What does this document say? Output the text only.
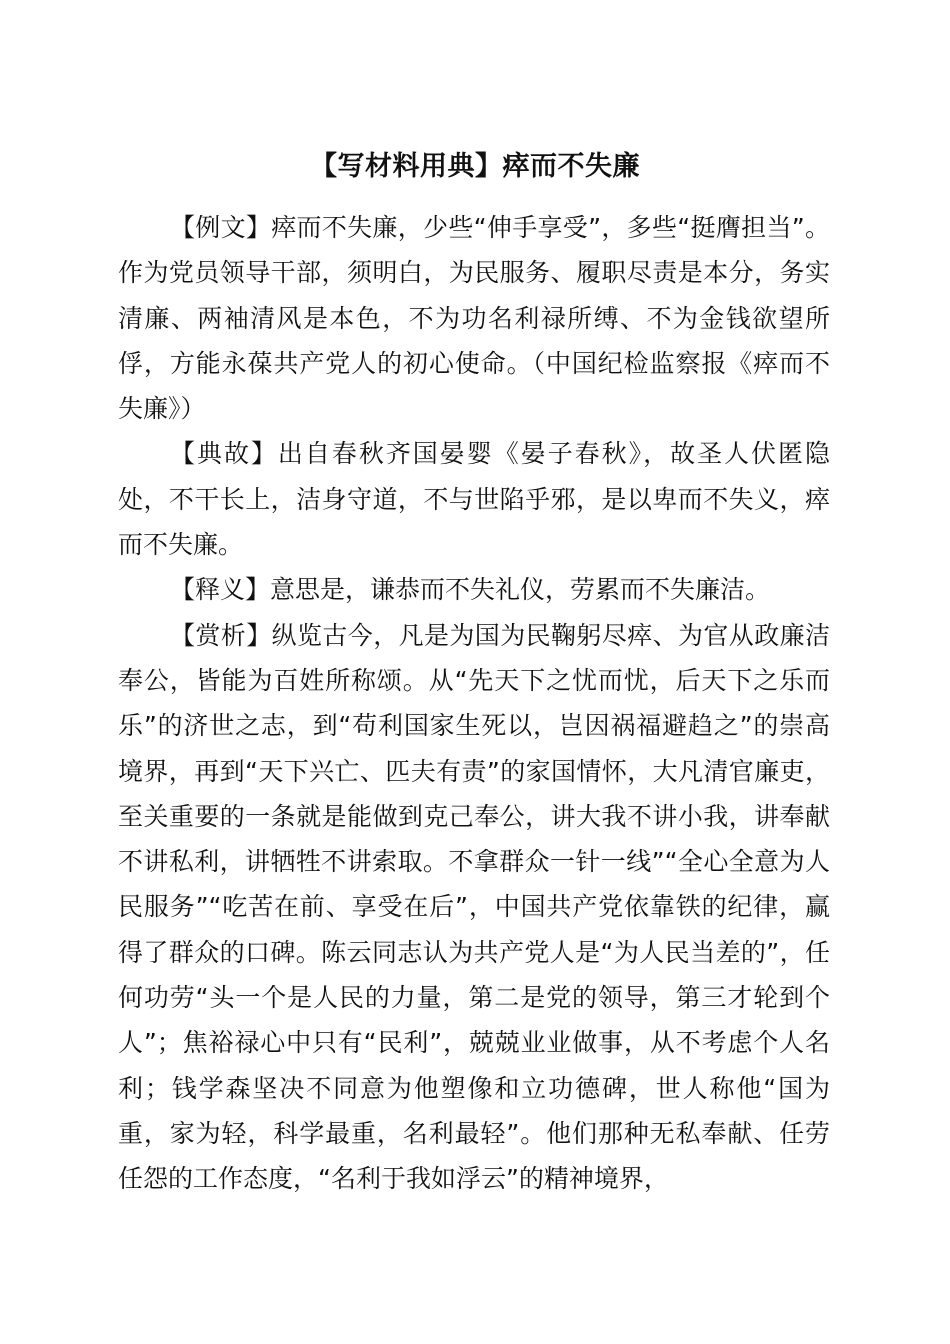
【写材料用典】瘁而不失廉

【例文】瘁而不失廉，少些“伸手享受”，多些“挺膺担当”。作为党员领导干部，须明白，为民服务、履职尽责是本分，务实清廉、两袖清风是本色，不为功名利禄所缚、不为金钱欲望所俘，方能永葆共产党人的初心使命。（中国纪检监察报《瘁而不失廉》）

【典故】出自春秋齐国晏婴《晏子春秋》，故圣人伏匿隐处，不干长上，洁身守道，不与世陷乎邪，是以卑而不失义，瘁而不失廉。

【释义】意思是，谦恭而不失礼仪，劳累而不失廉洁。

【赏析】纵览古今，凡是为国为民鞠躬尽瘁、为官从政廉洁奉公，皆能为百姓所称颂。从“先天下之忧而忧，后天下之乐而乐”的济世之志，到“苟利国家生死以，岂因祸福避趋之”的崇高境界，再到“天下兴亡、匹夫有责”的家国情怀，大凡清官廉吏，至关重要的一条就是能做到克己奉公，讲大我不讲小我，讲奉献不讲私利，讲牺牲不讲索取。不拿群众一针一线”“全心全意为人民服务”“吃苦在前、享受在后”，中国共产党依靠铁的纪律，赢得了群众的口碑。陈云同志认为共产党人是“为人民当差的”，任何功劳“头一个是人民的力量，第二是党的领导，第三才轮到个人”；焦裕禄心中只有“民利”，兢兢业业做事，从不考虑个人名利；钱学森坚决不同意为他塑像和立功德碑，世人称他“国为重，家为轻，科学最重，名利最轻”。他们那种无私奉献、任劳任怨的工作态度，“名利于我如浮云”的精神境界，
